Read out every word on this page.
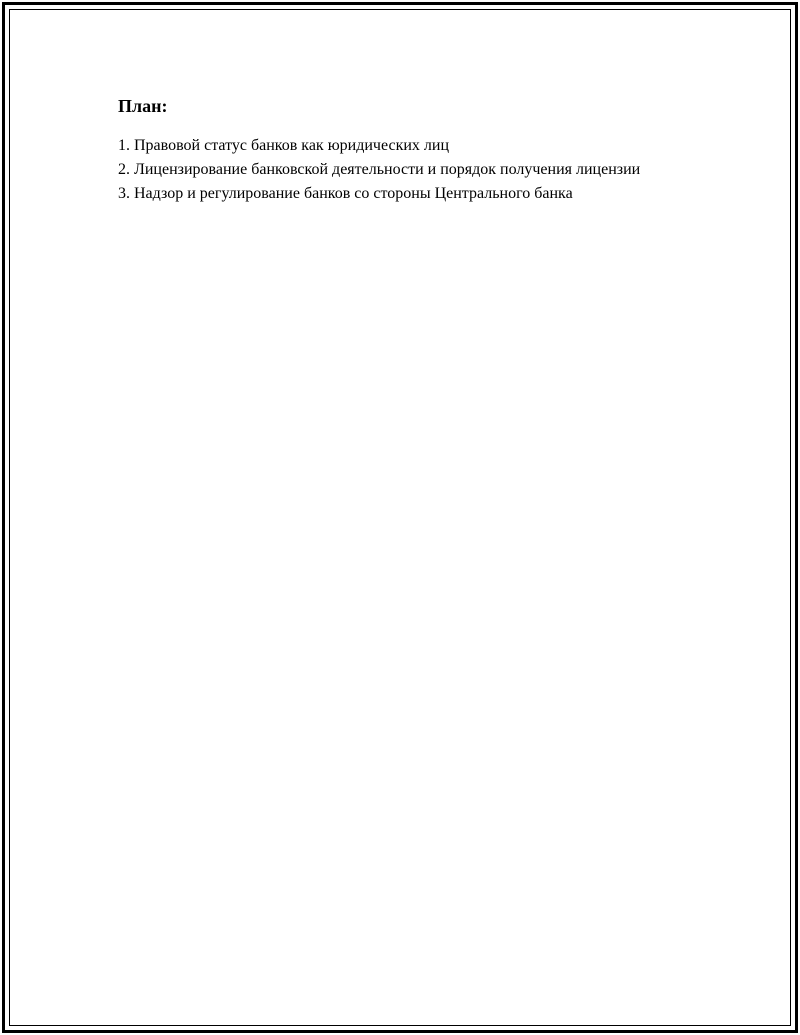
План:
1. Правовой статус банков как юридических лиц
2. Лицензирование банковской деятельности и порядок получения лицензии
3. Надзор и регулирование банков со стороны Центрального банка
